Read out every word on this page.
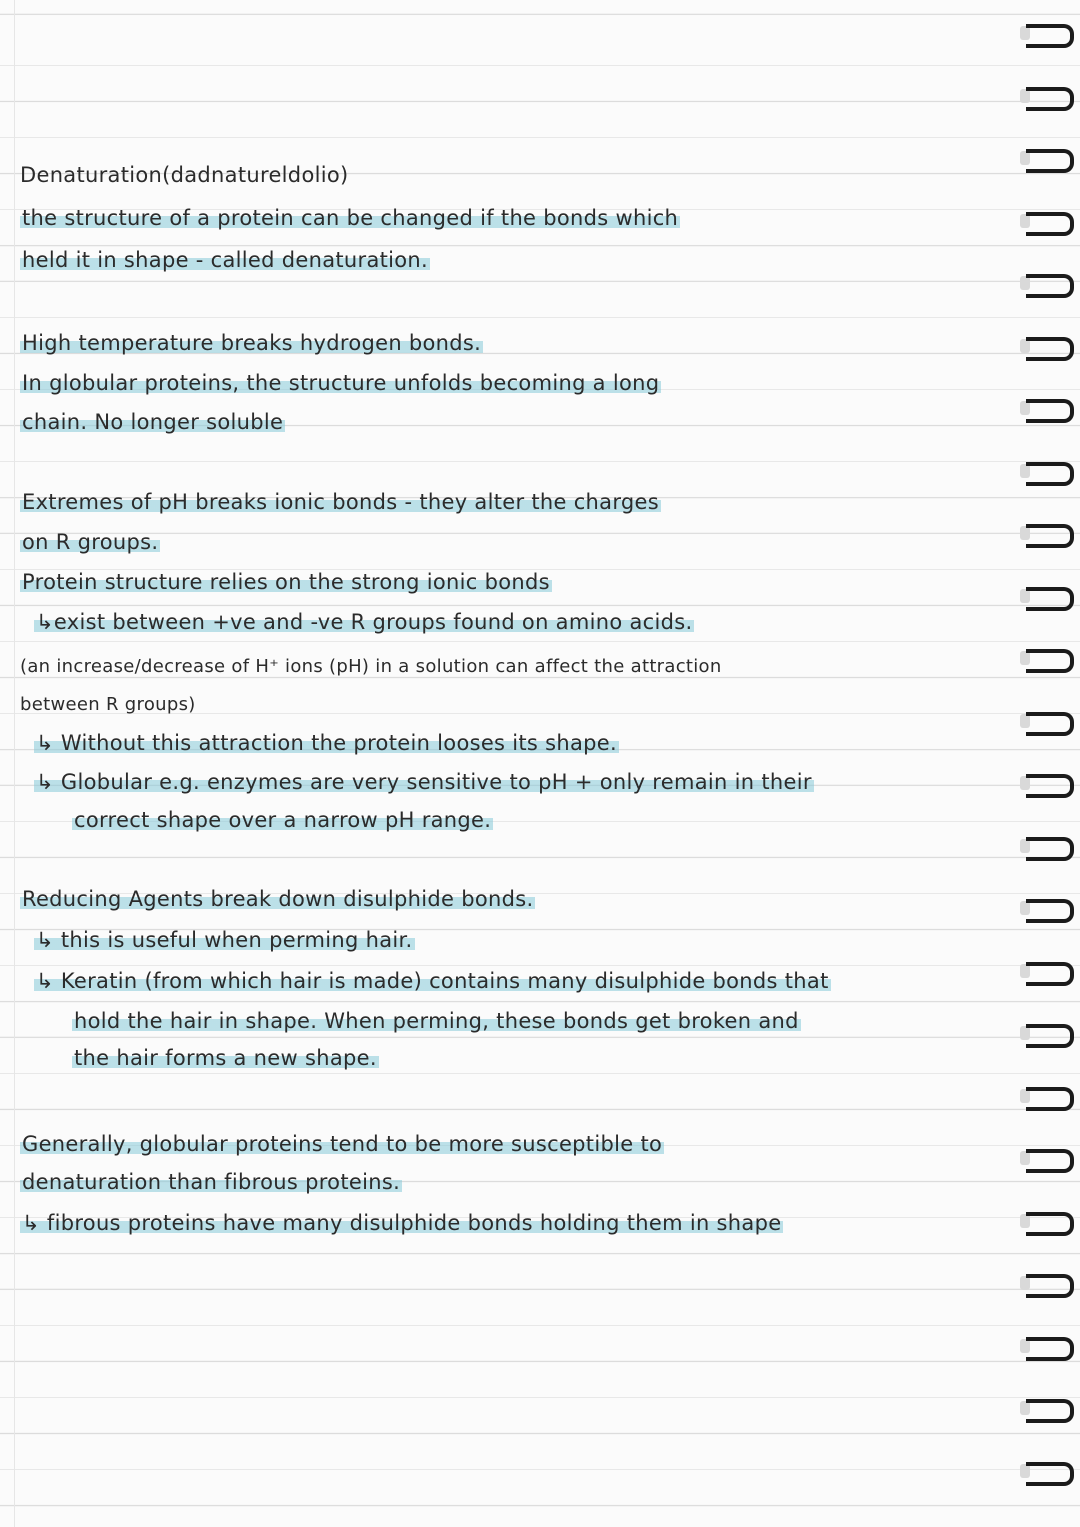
Denaturation(dadnatureldolio)

the structure of a protein can be changed if the bonds which

held it in shape - called denaturation.

High temperature breaks hydrogen bonds.

In globular proteins, the structure unfolds becoming a long

chain. No longer soluble

Extremes of pH breaks ionic bonds - they alter the charges

on R groups.

Protein structure relies on the strong ionic bonds

↳exist between +ve and -ve R groups found on amino acids.

(an increase/decrease of H⁺ ions (pH) in a solution can affect the attraction

between R groups)

↳ Without this attraction the protein looses its shape.

↳ Globular e.g. enzymes are very sensitive to pH + only remain in their

correct shape over a narrow pH range.

Reducing Agents break down disulphide bonds.

↳ this is useful when perming hair.

↳ Keratin (from which hair is made) contains many disulphide bonds that

hold the hair in shape. When perming, these bonds get broken and

the hair forms a new shape.

Generally, globular proteins tend to be more susceptible to

denaturation than fibrous proteins.

↳ fibrous proteins have many disulphide bonds holding them in shape
